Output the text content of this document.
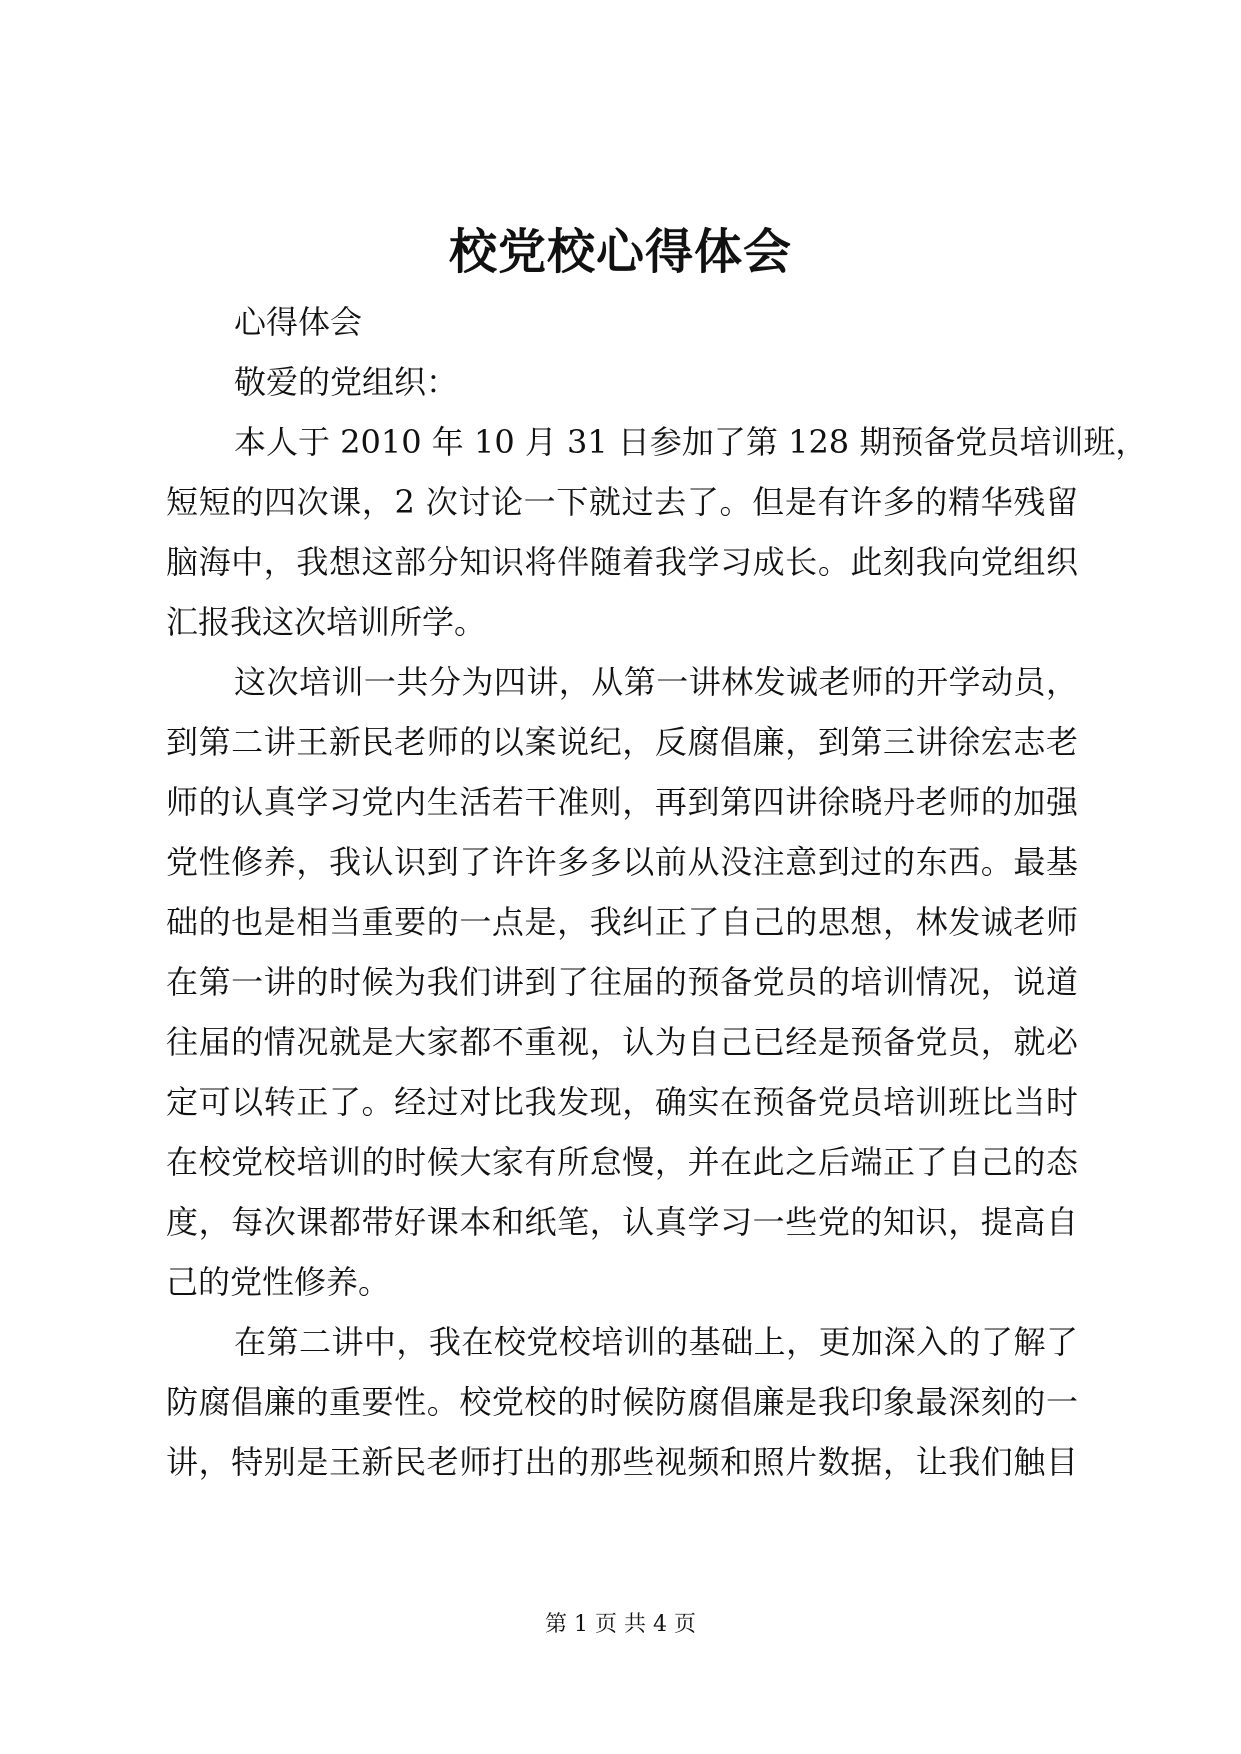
校党校心得体会
心得体会
敬爱的党组织：
本人于 2010 年 10 月 31 日参加了第 128 期预备党员培训班，
短短的四次课，2 次讨论一下就过去了。但是有许多的精华残留
脑海中，我想这部分知识将伴随着我学习成长。此刻我向党组织
汇报我这次培训所学。
这次培训一共分为四讲，从第一讲林发诚老师的开学动员，
到第二讲王新民老师的以案说纪，反腐倡廉，到第三讲徐宏志老
师的认真学习党内生活若干准则，再到第四讲徐晓丹老师的加强
党性修养，我认识到了许许多多以前从没注意到过的东西。最基
础的也是相当重要的一点是，我纠正了自己的思想，林发诚老师
在第一讲的时候为我们讲到了往届的预备党员的培训情况，说道
往届的情况就是大家都不重视，认为自己已经是预备党员，就必
定可以转正了。经过对比我发现，确实在预备党员培训班比当时
在校党校培训的时候大家有所怠慢，并在此之后端正了自己的态
度，每次课都带好课本和纸笔，认真学习一些党的知识，提高自
己的党性修养。
在第二讲中，我在校党校培训的基础上，更加深入的了解了
防腐倡廉的重要性。校党校的时候防腐倡廉是我印象最深刻的一
讲，特别是王新民老师打出的那些视频和照片数据，让我们触目
第 1 页 共 4 页
